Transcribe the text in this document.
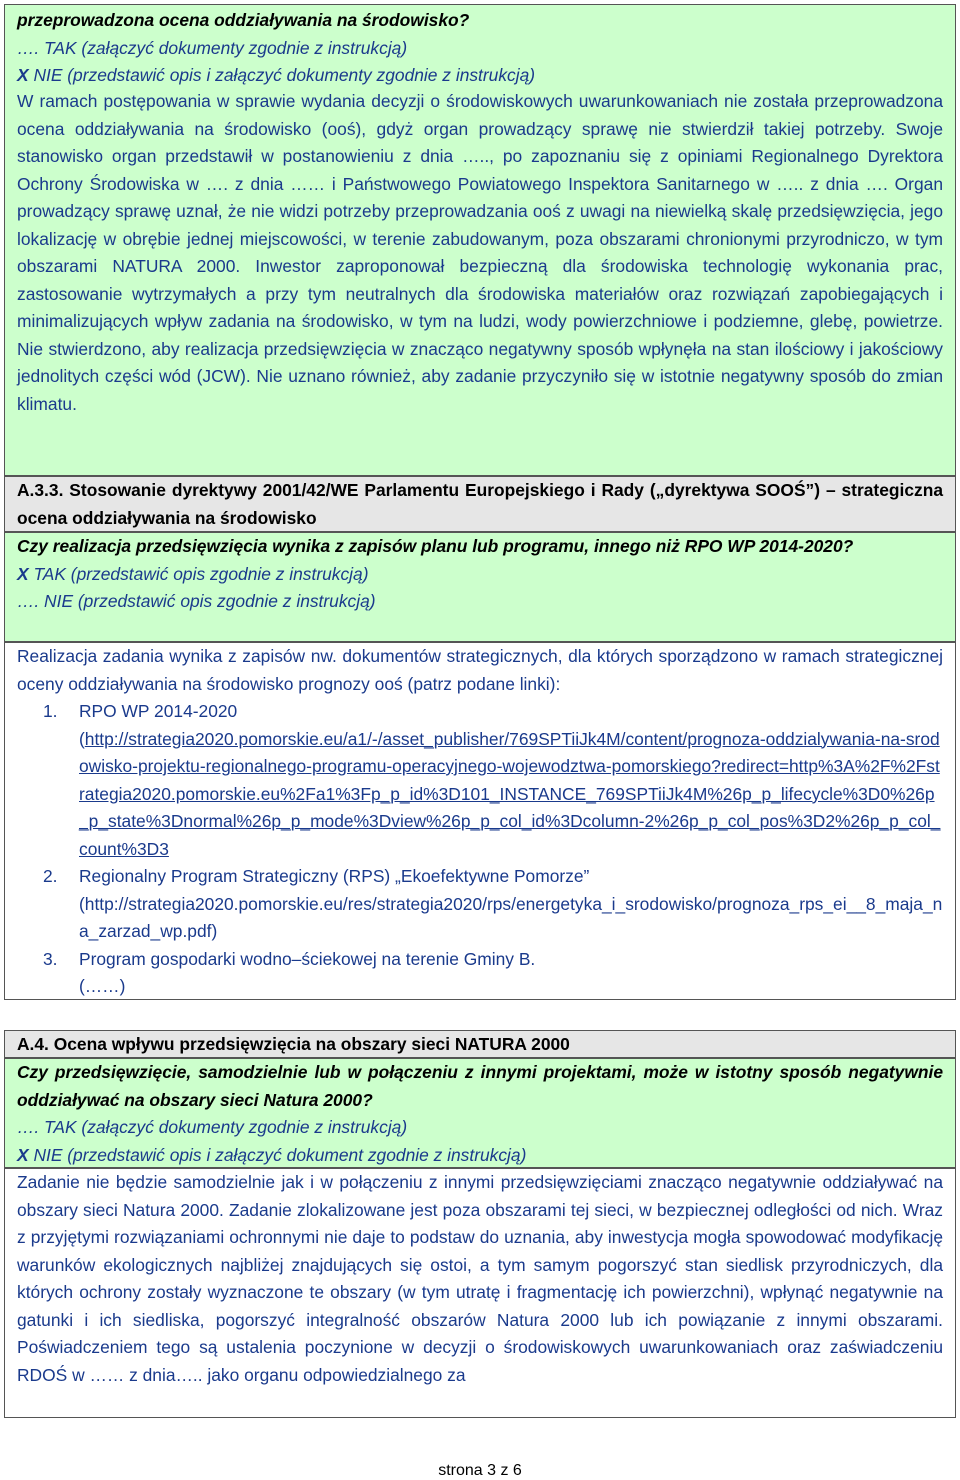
przeprowadzona ocena oddziaływania na środowisko?

…. TAK (załączyć dokumenty zgodnie z instrukcją)

X NIE (przedstawić opis i załączyć dokumenty zgodnie z instrukcją)

W ramach postępowania w sprawie wydania decyzji o środowiskowych uwarunkowaniach nie została przeprowadzona ocena oddziaływania na środowisko (ooś), gdyż organ prowadzący sprawę nie stwierdził takiej potrzeby. Swoje stanowisko organ przedstawił w postanowieniu z dnia ….., po zapoznaniu się z opiniami Regionalnego Dyrektora Ochrony Środowiska w …. z dnia …… i Państwowego Powiatowego Inspektora Sanitarnego w ….. z dnia …. Organ prowadzący sprawę uznał, że nie widzi potrzeby przeprowadzania ooś z uwagi na niewielką skalę przedsięwzięcia, jego lokalizację w obrębie jednej miejscowości, w terenie zabudowanym, poza obszarami chronionymi przyrodniczo, w tym obszarami NATURA 2000. Inwestor zaproponował bezpieczną dla środowiska technologię wykonania prac, zastosowanie wytrzymałych a przy tym neutralnych dla środowiska materiałów oraz rozwiązań zapobiegających i minimalizujących wpływ zadania na środowisko, w tym na ludzi, wody powierzchniowe i podziemne, glebę, powietrze. Nie stwierdzono, aby realizacja przedsięwzięcia w znacząco negatywny sposób wpłynęła na stan ilościowy i jakościowy jednolitych części wód (JCW). Nie uznano również, aby zadanie przyczyniło się w istotnie negatywny sposób do zmian klimatu.

A.3.3. Stosowanie dyrektywy 2001/42/WE Parlamentu Europejskiego i Rady („dyrektywa SOOŚ”) – strategiczna ocena oddziaływania na środowisko

Czy realizacja przedsięwzięcia wynika z zapisów planu lub programu, innego niż RPO WP 2014-2020?

X TAK (przedstawić opis zgodnie z instrukcją)

…. NIE (przedstawić opis zgodnie z instrukcją)

Realizacja zadania wynika z zapisów nw. dokumentów strategicznych, dla których sporządzono w ramach strategicznej oceny oddziaływania na środowisko prognozy ooś (patrz podane linki):

1. RPO WP 2014-2020
(http://strategia2020.pomorskie.eu/a1/-/asset_publisher/769SPTiiJk4M/content/prognoza-oddzialywania-na-srodowisko-projektu-regionalnego-programu-operacyjnego-wojewodztwa-pomorskiego?redirect=http%3A%2F%2Fstrategia2020.pomorskie.eu%2Fa1%3Fp_p_id%3D101_INSTANCE_769SPTiiJk4M%26p_p_lifecycle%3D0%26p_p_state%3Dnormal%26p_p_mode%3Dview%26p_p_col_id%3Dcolumn-2%26p_p_col_pos%3D2%26p_p_col_count%3D3
2. Regionalny Program Strategiczny (RPS) „Ekoefektywne Pomorze”
(http://strategia2020.pomorskie.eu/res/strategia2020/rps/energetyka_i_srodowisko/prognoza_rps_ei__8_maja_na_zarzad_wp.pdf)
3. Program gospodarki wodno–ściekowej na terenie Gminy B.
(……)

A.4. Ocena wpływu przedsięwzięcia na obszary sieci NATURA 2000

Czy przedsięwzięcie, samodzielnie lub w połączeniu z innymi projektami, może w istotny sposób negatywnie oddziaływać na obszary sieci Natura 2000?

…. TAK (załączyć dokumenty zgodnie z instrukcją)

X NIE (przedstawić opis i załączyć dokument zgodnie z instrukcją)

Zadanie nie będzie samodzielnie jak i w połączeniu z innymi przedsięwzięciami znacząco negatywnie oddziaływać na obszary sieci Natura 2000. Zadanie zlokalizowane jest poza obszarami tej sieci, w bezpiecznej odległości od nich. Wraz z przyjętymi rozwiązaniami ochronnymi nie daje to podstaw do uznania, aby inwestycja mogła spowodować modyfikację warunków ekologicznych najbliżej znajdujących się ostoi, a tym samym pogorszyć stan siedlisk przyrodniczych, dla których ochrony zostały wyznaczone te obszary (w tym utratę i fragmentację ich powierzchni), wpłynąć negatywnie na gatunki i ich siedliska, pogorszyć integralność obszarów Natura 2000 lub ich powiązanie z innymi obszarami. Poświadczeniem tego są ustalenia poczynione w decyzji o środowiskowych uwarunkowaniach oraz zaświadczeniu RDOŚ w …… z dnia….. jako organu odpowiedzialnego za

strona 3 z 6
